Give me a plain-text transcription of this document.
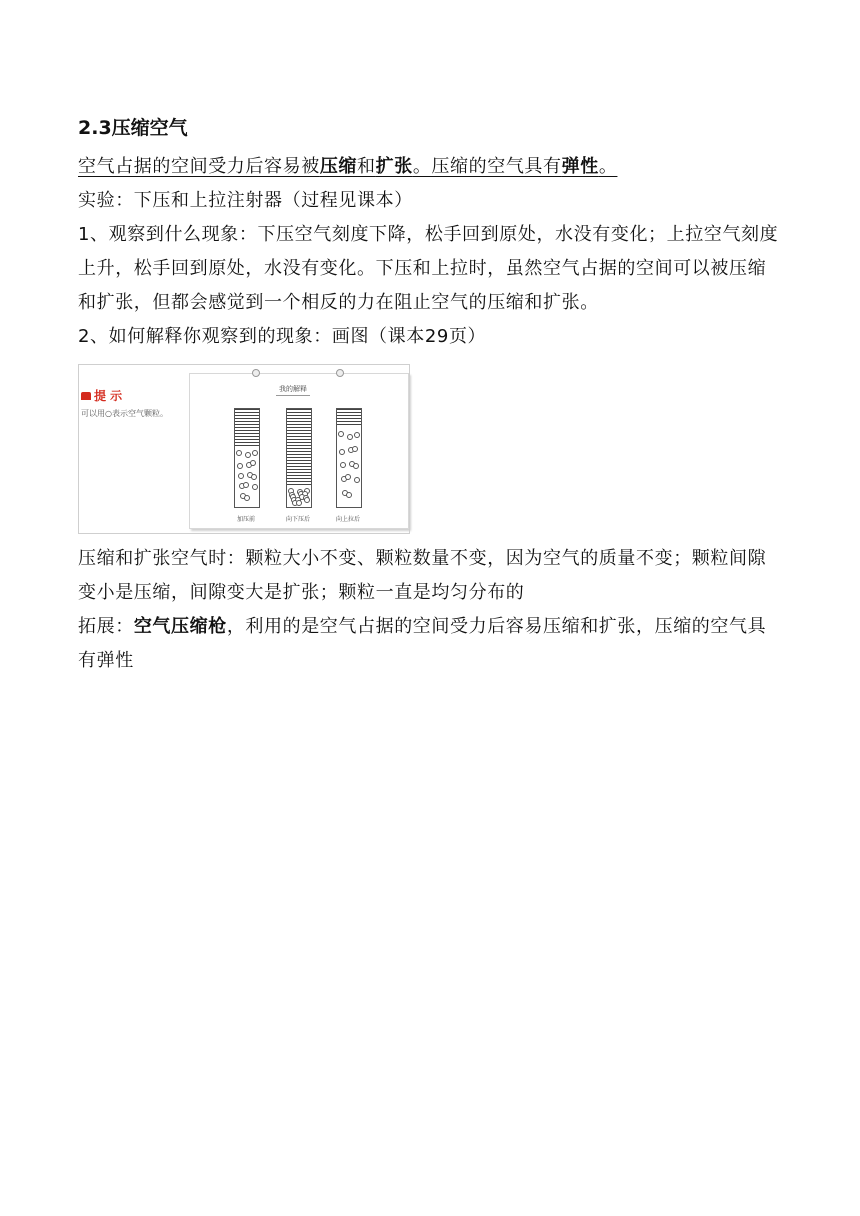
2.3压缩空气

空气占据的空间受力后容易被压缩和扩张。压缩的空气具有弹性。

实验：下压和上拉注射器（过程见课本）

1、观察到什么现象：下压空气刻度下降，松手回到原处，水没有变化；上拉空气刻度上升，松手回到原处，水没有变化。下压和上拉时，虽然空气占据的空间可以被压缩和扩张，但都会感觉到一个相反的力在阻止空气的压缩和扩张。

2、如何解释你观察到的现象：画图（课本29页）

提 示
可以用○表示空气颗粒。
我的解释
加压前	向下压后	向上拉后

压缩和扩张空气时：颗粒大小不变、颗粒数量不变，因为空气的质量不变；颗粒间隙变小是压缩，间隙变大是扩张；颗粒一直是均匀分布的

拓展：空气压缩枪，利用的是空气占据的空间受力后容易压缩和扩张，压缩的空气具有弹性
